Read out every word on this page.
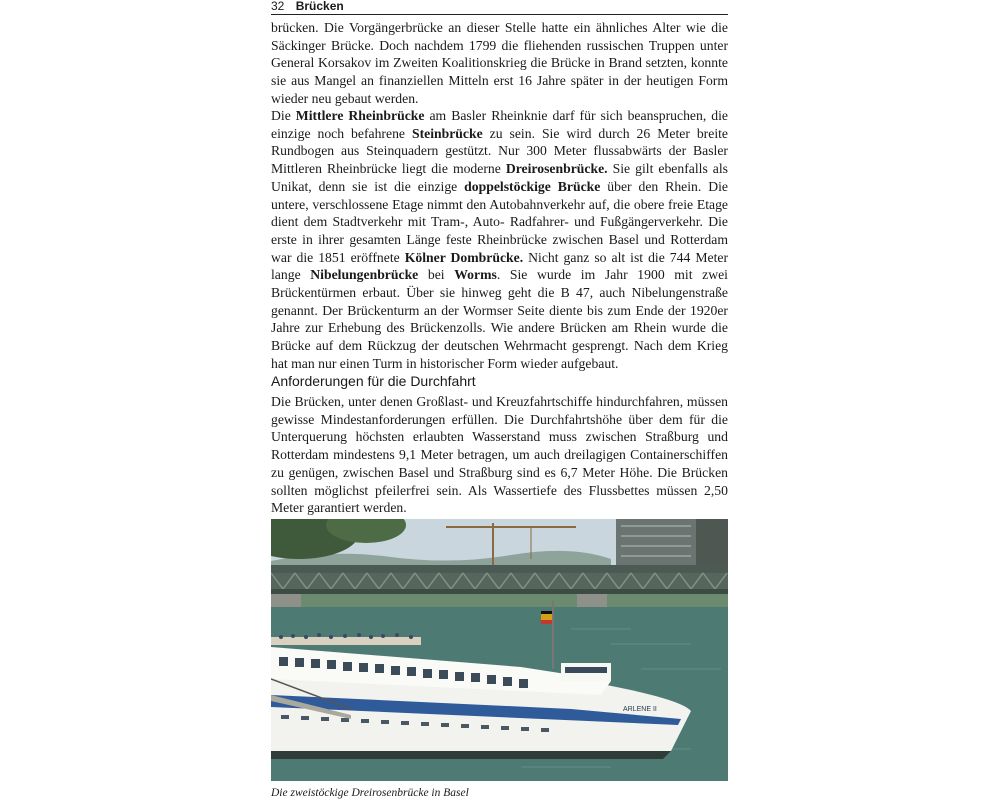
32 Brücken

brücken. Die Vorgängerbrücke an dieser Stelle hatte ein ähnliches Alter wie die Säckinger Brücke. Doch nachdem 1799 die fliehenden russischen Truppen unter General Korsakov im Zweiten Koalitionskrieg die Brücke in Brand setzten, konnte sie aus Mangel an finanziellen Mitteln erst 16 Jahre später in der heutigen Form wieder neu gebaut werden.

Die Mittlere Rheinbrücke am Basler Rheinknie darf für sich beanspruchen, die einzige noch befahrene Steinbrücke zu sein. Sie wird durch 26 Meter breite Rundbogen aus Steinquadern gestützt. Nur 300 Meter flussabwärts der Basler Mittleren Rheinbrücke liegt die moderne Dreirosenbrücke. Sie gilt ebenfalls als Unikat, denn sie ist die einzige doppelstöckige Brücke über den Rhein. Die untere, verschlossene Etage nimmt den Autobahnverkehr auf, die obere freie Etage dient dem Stadtverkehr mit Tram-, Auto- Radfahrer- und Fußgängerverkehr. Die erste in ihrer gesamten Länge feste Rheinbrücke zwischen Basel und Rotterdam war die 1851 eröffnete Kölner Dombrücke. Nicht ganz so alt ist die 744 Meter lange Nibelungenbrücke bei Worms. Sie wurde im Jahr 1900 mit zwei Brückentürmen erbaut. Über sie hinweg geht die B 47, auch Nibelungenstraße genannt. Der Brückenturm an der Wormser Seite diente bis zum Ende der 1920er Jahre zur Erhebung des Brückenzolls. Wie andere Brücken am Rhein wurde die Brücke auf dem Rückzug der deutschen Wehrmacht gesprengt. Nach dem Krieg hat man nur einen Turm in historischer Form wieder aufgebaut.

Anforderungen für die Durchfahrt

Die Brücken, unter denen Großlast- und Kreuzfahrtschiffe hindurchfahren, müssen gewisse Mindestanforderungen erfüllen. Die Durchfahrtshöhe über dem für die Unterquerung höchsten erlaubten Wasserstand muss zwischen Straßburg und Rotterdam mindestens 9,1 Meter betragen, um auch dreilagigen Containerschiffen zu genügen, zwischen Basel und Straßburg sind es 6,7 Meter Höhe. Die Brücken sollten möglichst pfeilerfrei sein. Als Wassertiefe des Flussbettes müssen 2,50 Meter garantiert werden.

ARLENE II
Die zweistöckige Dreirosenbrücke in Basel
